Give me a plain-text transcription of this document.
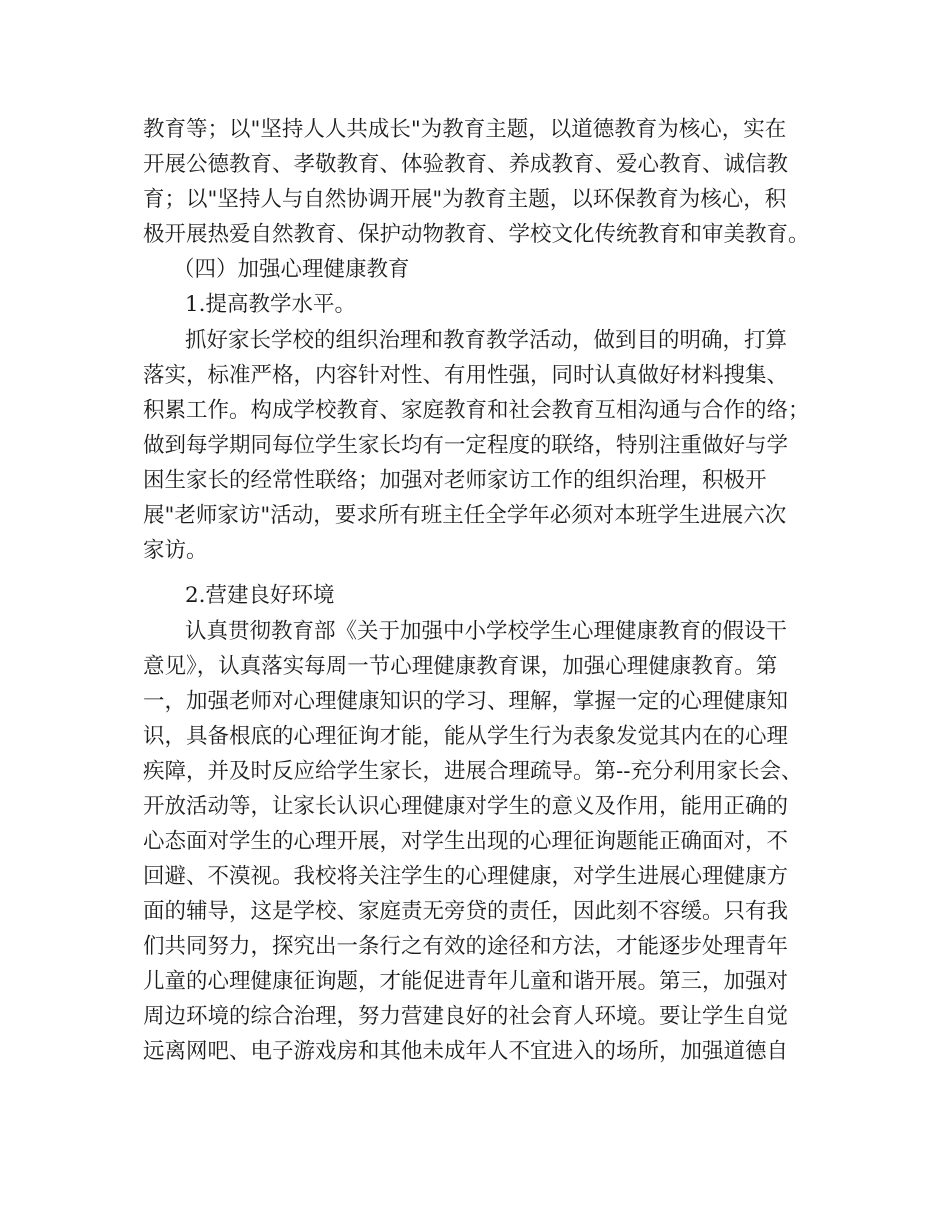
教育等；以"坚持人人共成长"为教育主题，以道德教育为核心，实在
开展公德教育、孝敬教育、体验教育、养成教育、爱心教育、诚信教
育；以"坚持人与自然协调开展"为教育主题，以环保教育为核心，积
极开展热爱自然教育、保护动物教育、学校文化传统教育和审美教育。
（四）加强心理健康教育
1.提高教学水平。
抓好家长学校的组织治理和教育教学活动，做到目的明确，打算
落实，标准严格，内容针对性、有用性强，同时认真做好材料搜集、
积累工作。构成学校教育、家庭教育和社会教育互相沟通与合作的络；
做到每学期同每位学生家长均有一定程度的联络，特别注重做好与学
困生家长的经常性联络；加强对老师家访工作的组织治理，积极开
展"老师家访"活动，要求所有班主任全学年必须对本班学生进展六次
家访。
2.营建良好环境
认真贯彻教育部《关于加强中小学校学生心理健康教育的假设干
意见》，认真落实每周一节心理健康教育课，加强心理健康教育。第
一，加强老师对心理健康知识的学习、理解，掌握一定的心理健康知
识，具备根底的心理征询才能，能从学生行为表象发觉其内在的心理
疾障，并及时反应给学生家长，进展合理疏导。第--充分利用家长会、
开放活动等，让家长认识心理健康对学生的意义及作用，能用正确的
心态面对学生的心理开展，对学生出现的心理征询题能正确面对，不
回避、不漠视。我校将关注学生的心理健康，对学生进展心理健康方
面的辅导，这是学校、家庭责无旁贷的责任，因此刻不容缓。只有我
们共同努力，探究出一条行之有效的途径和方法，才能逐步处理青年
儿童的心理健康征询题，才能促进青年儿童和谐开展。第三，加强对
周边环境的综合治理，努力营建良好的社会育人环境。要让学生自觉
远离网吧、电子游戏房和其他未成年人不宜进入的场所，加强道德自
